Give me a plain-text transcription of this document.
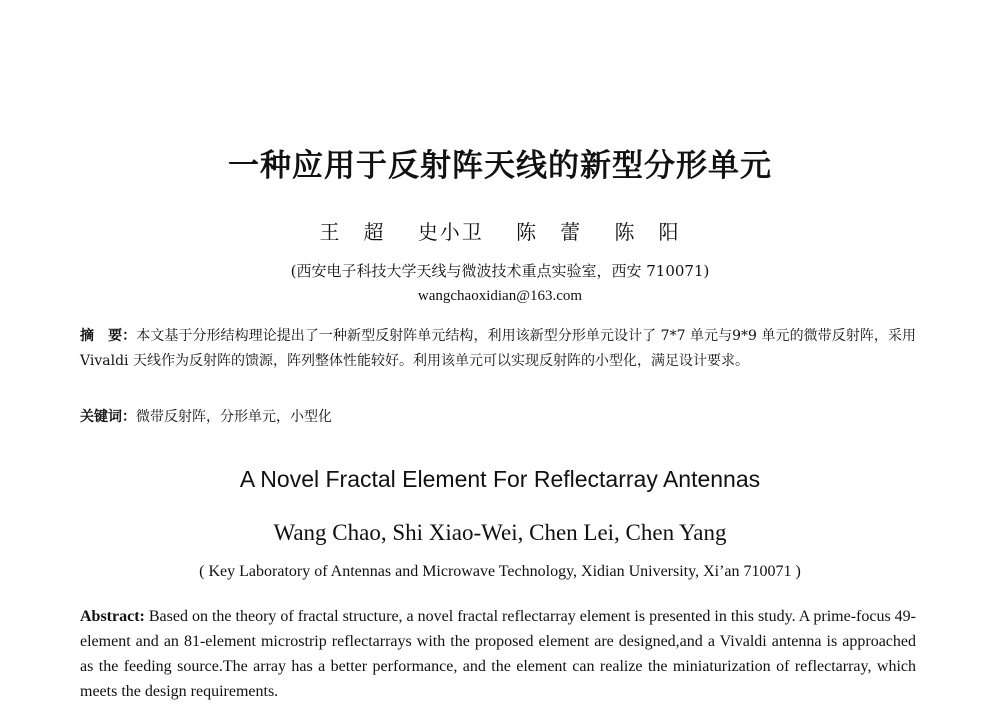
一种应用于反射阵天线的新型分形单元
王　超 史小卫 陈　蕾 陈　阳
(西安电子科技大学天线与微波技术重点实验室，西安 710071)
wangchaoxidian@163.com
摘　要：本文基于分形结构理论提出了一种新型反射阵单元结构，利用该新型分形单元设计了 7*7 单元与9*9 单元的微带反射阵，采用 Vivaldi 天线作为反射阵的馈源，阵列整体性能较好。利用该单元可以实现反射阵的小型化，满足设计要求。
关键词：微带反射阵，分形单元，小型化
A Novel Fractal Element For Reflectarray Antennas
Wang Chao, Shi Xiao-Wei, Chen Lei, Chen Yang
( Key Laboratory of Antennas and Microwave Technology, Xidian University, Xi’an 710071 )
Abstract: Based on the theory of fractal structure, a novel fractal reflectarray element is presented in this study. A prime-focus 49-element and an 81-element microstrip reflectarrays with the proposed element are designed,and a Vivaldi antenna is approached as the feeding source.The array has a better performance, and the element can realize the miniaturization of reflectarray, which meets the design requirements.
